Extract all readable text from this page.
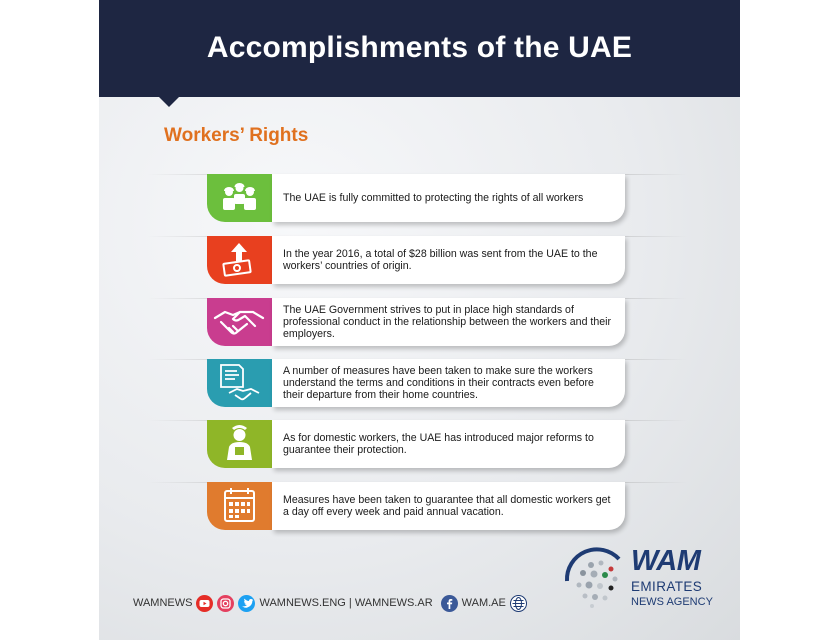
Accomplishments of the UAE
Workers’ Rights
The UAE is fully committed to protecting the rights of all workers
In the year 2016, a total of $28 billion was sent from the UAE to the workers’ countries of origin.
The UAE Government strives to put in place high standards of professional conduct in the relationship between the workers and their employers.
A number of measures have been taken to make sure the workers understand the terms and conditions in their contracts even before their departure from their home countries.
As for domestic workers, the UAE has introduced major reforms to guarantee their protection.
Measures have been taken to guarantee that all domestic workers get a day off every week and paid annual vacation.
WAMNEWS	WAMNEWS.ENG | WAMNEWS.AR	WAM.AE
WAM
EMIRATES
NEWS AGENCY
